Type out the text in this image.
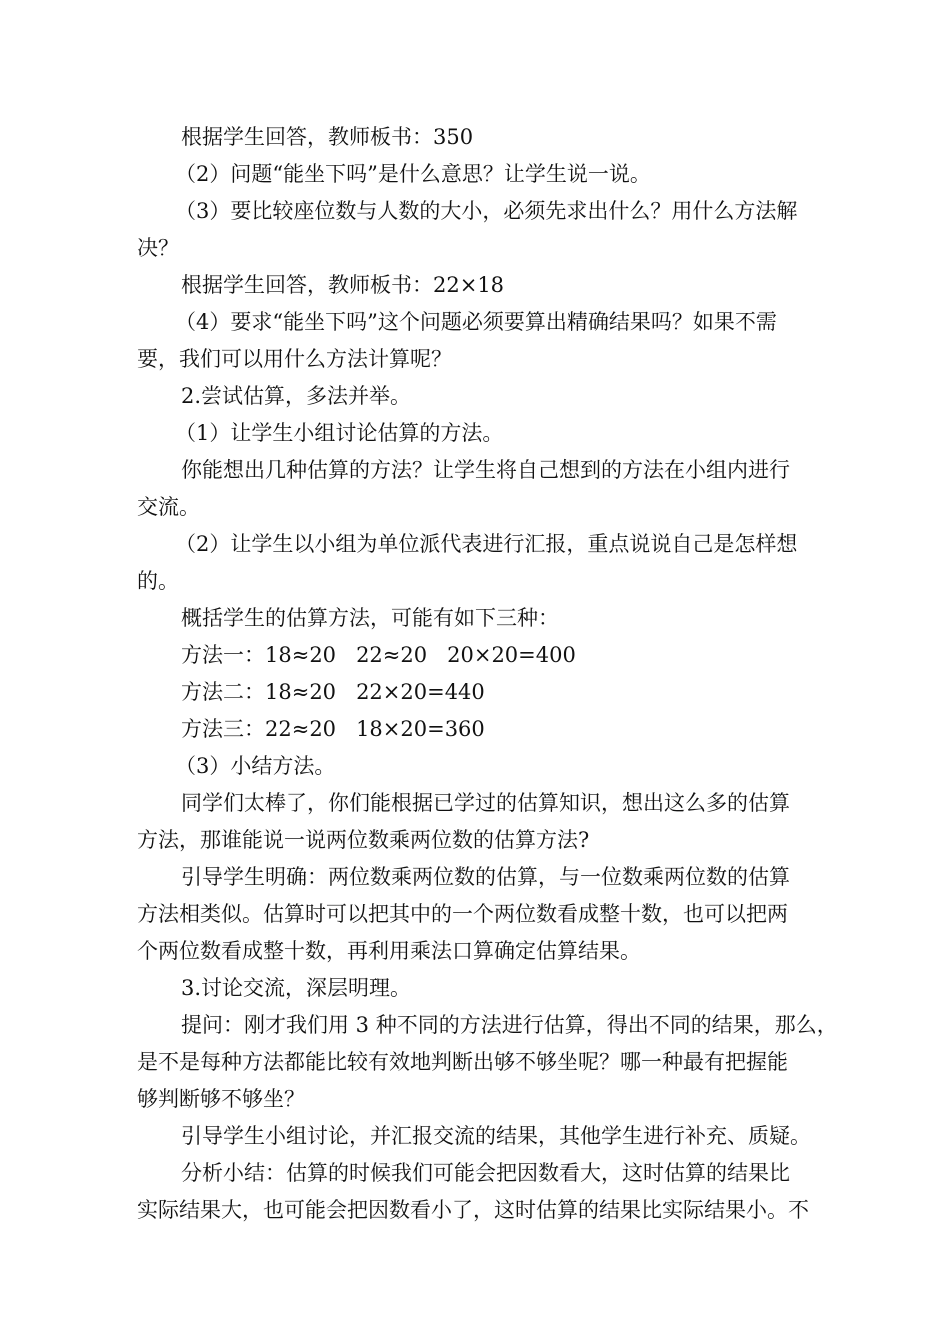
根据学生回答，教师板书：350

（2）问题“能坐下吗”是什么意思？让学生说一说。

（3）要比较座位数与人数的大小，必须先求出什么？用什么方法解

决？

根据学生回答，教师板书：22×18

（4）要求“能坐下吗”这个问题必须要算出精确结果吗？如果不需

要，我们可以用什么方法计算呢？

2.尝试估算，多法并举。

（1）让学生小组讨论估算的方法。

你能想出几种估算的方法？让学生将自己想到的方法在小组内进行

交流。

（2）让学生以小组为单位派代表进行汇报，重点说说自己是怎样想

的。

概括学生的估算方法，可能有如下三种：

方法一：18≈20   22≈20   20×20=400

方法二：18≈20   22×20=440

方法三：22≈20   18×20=360

（3）小结方法。

同学们太棒了，你们能根据已学过的估算知识，想出这么多的估算

方法，那谁能说一说两位数乘两位数的估算方法?

引导学生明确：两位数乘两位数的估算，与一位数乘两位数的估算

方法相类似。估算时可以把其中的一个两位数看成整十数，也可以把两

个两位数看成整十数，再利用乘法口算确定估算结果。

3.讨论交流，深层明理。

提问：刚才我们用 3 种不同的方法进行估算，得出不同的结果，那么，

是不是每种方法都能比较有效地判断出够不够坐呢？哪一种最有把握能

够判断够不够坐？

引导学生小组讨论，并汇报交流的结果，其他学生进行补充、质疑。

分析小结：估算的时候我们可能会把因数看大，这时估算的结果比

实际结果大，也可能会把因数看小了，这时估算的结果比实际结果小。不
